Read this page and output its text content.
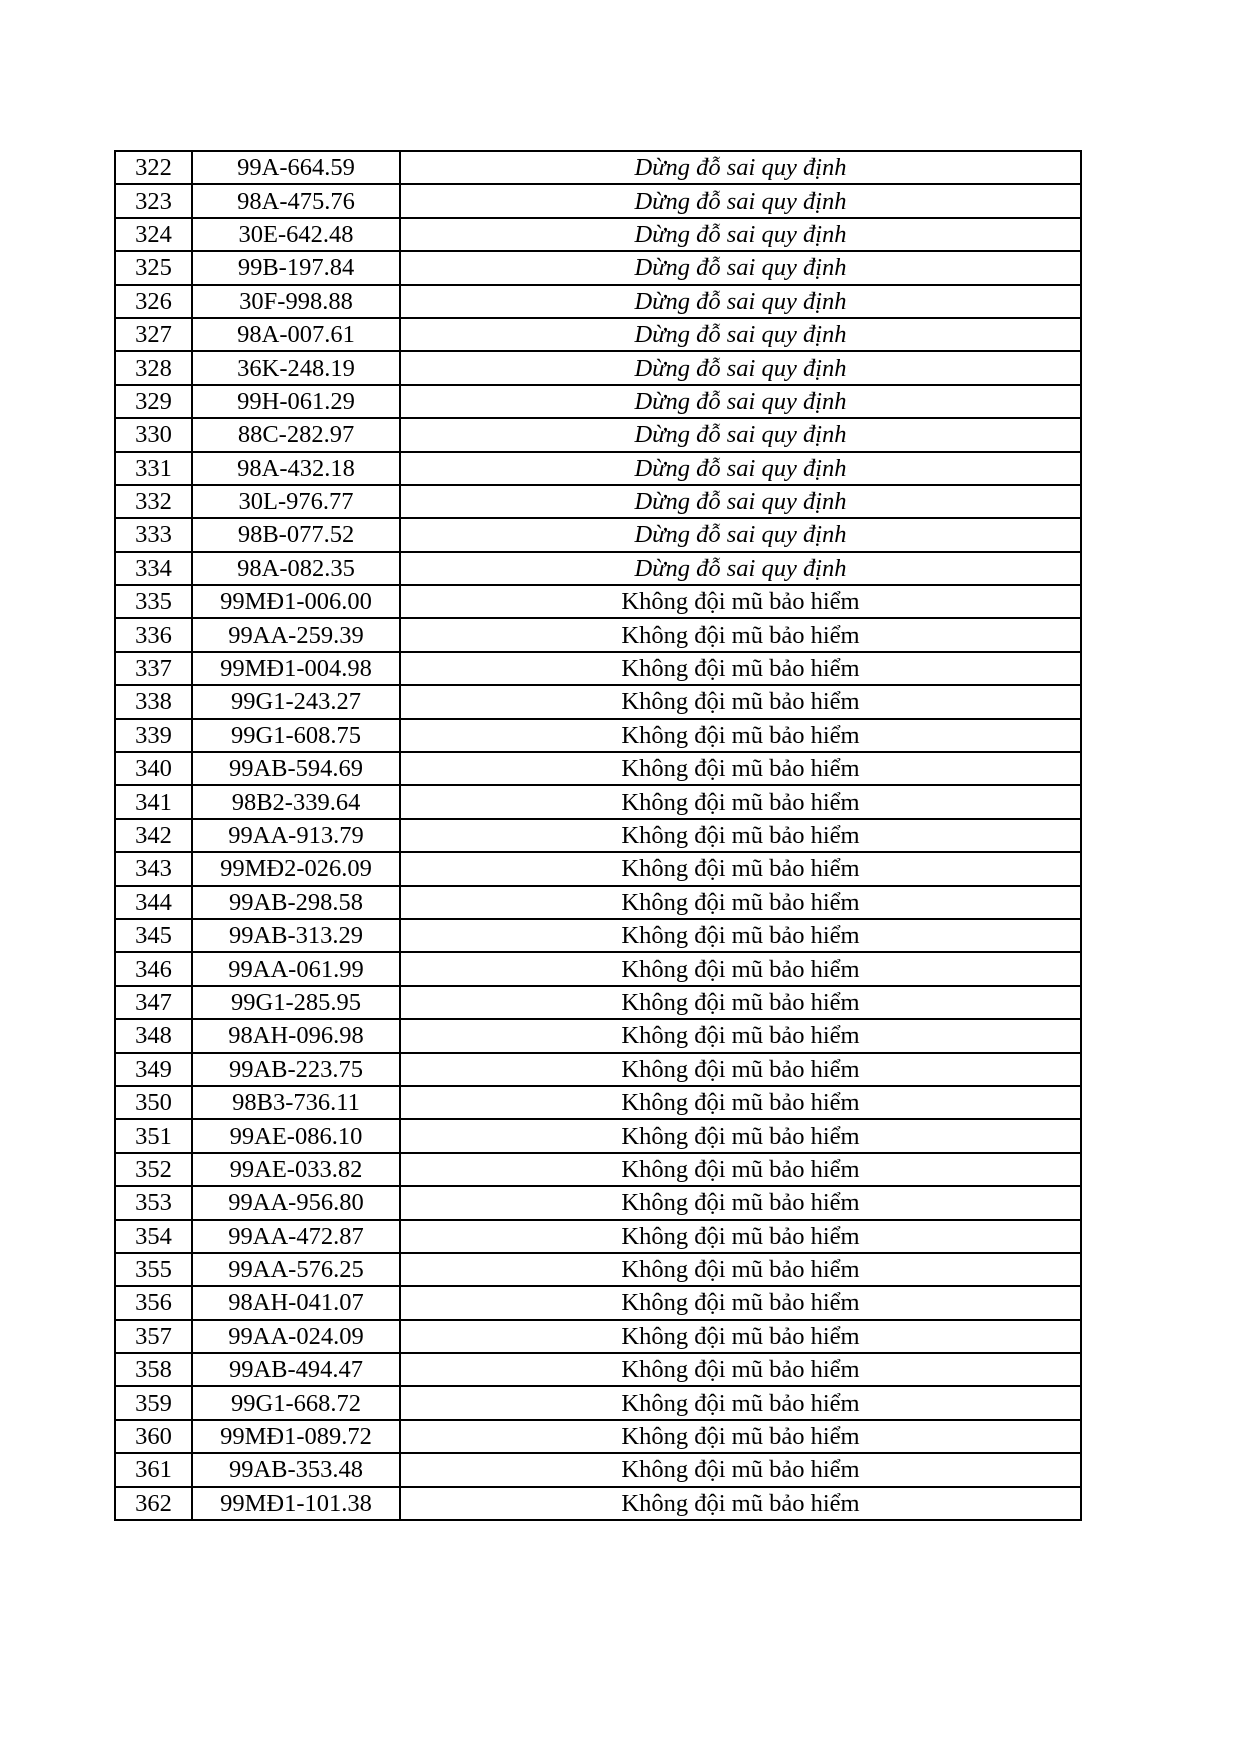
322	99A-664.59	Dừng đỗ sai quy định
323	98A-475.76	Dừng đỗ sai quy định
324	30E-642.48	Dừng đỗ sai quy định
325	99B-197.84	Dừng đỗ sai quy định
326	30F-998.88	Dừng đỗ sai quy định
327	98A-007.61	Dừng đỗ sai quy định
328	36K-248.19	Dừng đỗ sai quy định
329	99H-061.29	Dừng đỗ sai quy định
330	88C-282.97	Dừng đỗ sai quy định
331	98A-432.18	Dừng đỗ sai quy định
332	30L-976.77	Dừng đỗ sai quy định
333	98B-077.52	Dừng đỗ sai quy định
334	98A-082.35	Dừng đỗ sai quy định
335	99MĐ1-006.00	Không đội mũ bảo hiểm
336	99AA-259.39	Không đội mũ bảo hiểm
337	99MĐ1-004.98	Không đội mũ bảo hiểm
338	99G1-243.27	Không đội mũ bảo hiểm
339	99G1-608.75	Không đội mũ bảo hiểm
340	99AB-594.69	Không đội mũ bảo hiểm
341	98B2-339.64	Không đội mũ bảo hiểm
342	99AA-913.79	Không đội mũ bảo hiểm
343	99MĐ2-026.09	Không đội mũ bảo hiểm
344	99AB-298.58	Không đội mũ bảo hiểm
345	99AB-313.29	Không đội mũ bảo hiểm
346	99AA-061.99	Không đội mũ bảo hiểm
347	99G1-285.95	Không đội mũ bảo hiểm
348	98AH-096.98	Không đội mũ bảo hiểm
349	99AB-223.75	Không đội mũ bảo hiểm
350	98B3-736.11	Không đội mũ bảo hiểm
351	99AE-086.10	Không đội mũ bảo hiểm
352	99AE-033.82	Không đội mũ bảo hiểm
353	99AA-956.80	Không đội mũ bảo hiểm
354	99AA-472.87	Không đội mũ bảo hiểm
355	99AA-576.25	Không đội mũ bảo hiểm
356	98AH-041.07	Không đội mũ bảo hiểm
357	99AA-024.09	Không đội mũ bảo hiểm
358	99AB-494.47	Không đội mũ bảo hiểm
359	99G1-668.72	Không đội mũ bảo hiểm
360	99MĐ1-089.72	Không đội mũ bảo hiểm
361	99AB-353.48	Không đội mũ bảo hiểm
362	99MĐ1-101.38	Không đội mũ bảo hiểm
